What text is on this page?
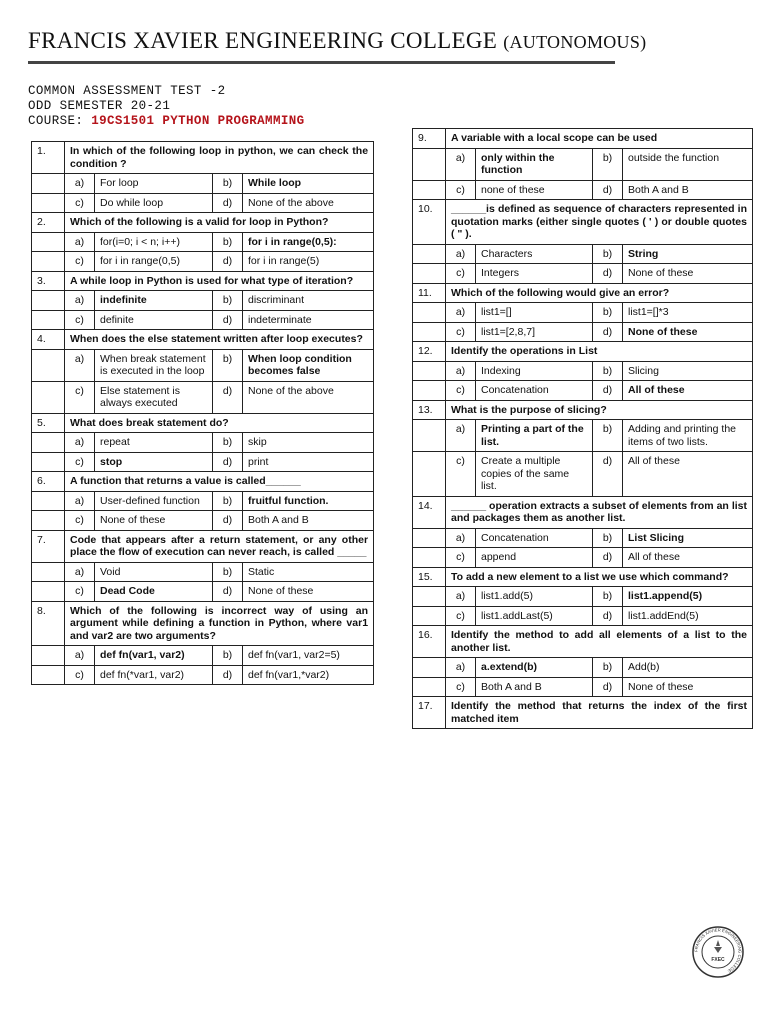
FRANCIS XAVIER ENGINEERING COLLEGE (AUTONOMOUS)
COMMON ASSESSMENT TEST -2
ODD SEMESTER 20-21
COURSE: 19CS1501 PYTHON PROGRAMMING
1.	In which of the following loop in python, we can check the condition ?			
	a)	For loop	b)	While loop
	c)	Do while loop	d)	None of the above
2.	Which of the following is a valid for loop in Python?			
	a)	for(i=0; i < n; i++)	b)	for i in range(0,5):
	c)	for i in range(0,5)	d)	for i in range(5)
3.	A while loop in Python is used for what type of iteration?			
	a)	indefinite	b)	discriminant
	c)	definite	d)	indeterminate
4.	When does the else statement written after loop executes?			
	a)	When break statement is executed in the loop	b)	When loop condition becomes false
	c)	Else statement is always executed	d)	None of the above
5.	What does break statement do?			
	a)	repeat	b)	skip
	c)	stop	d)	print
6.	A function that returns a value is called______			
	a)	User-defined function	b)	fruitful function.
	c)	None of these	d)	Both A and B
7.	Code that appears after a return statement, or any other place the flow of execution can never reach, is called _____			
	a)	Void	b)	Static
	c)	Dead Code	d)	None of these
8.	Which of the following is incorrect way of using an argument while defining a function in Python, where var1 and var2 are two arguments?			
	a)	def fn(var1, var2)	b)	def fn(var1, var2=5)
	c)	def fn(*var1, var2)	d)	def fn(var1,*var2)
9.	A variable with a local scope can be used			
	a)	only within the function	b)	outside the function
	c)	none of these	d)	Both A and B
10.	______is defined as sequence of characters represented in quotation marks (either single quotes ( ' ) or double quotes ( " ).			
	a)	Characters	b)	String
	c)	Integers	d)	None of these
11.	Which of the following would give an error?			
	a)	list1=[]	b)	list1=[]*3
	c)	list1=[2,8,7]	d)	None of these
12.	Identify the operations in List			
	a)	Indexing	b)	Slicing
	c)	Concatenation	d)	All of these
13.	What is the purpose of slicing?			
	a)	Printing a part of the list.	b)	Adding and printing the items of two lists.
	c)	Create a multiple copies of the same list.	d)	All of these
14.	______ operation extracts a subset of elements from an list and packages them as another list.			
	a)	Concatenation	b)	List Slicing
	c)	append	d)	All of these
15.	To add a new element to a list we use which command?			
	a)	list1.add(5)	b)	list1.append(5)
	c)	list1.addLast(5)	d)	list1.addEnd(5)
16.	Identify the method to add all elements of a list to the another list.			
	a)	a.extend(b)	b)	Add(b)
	c)	Both A and B	d)	None of these
17.	Identify the method that returns the index of the first matched item			
FRANCIS XAVIER ENGINEERING COLLEGE
FXEC
